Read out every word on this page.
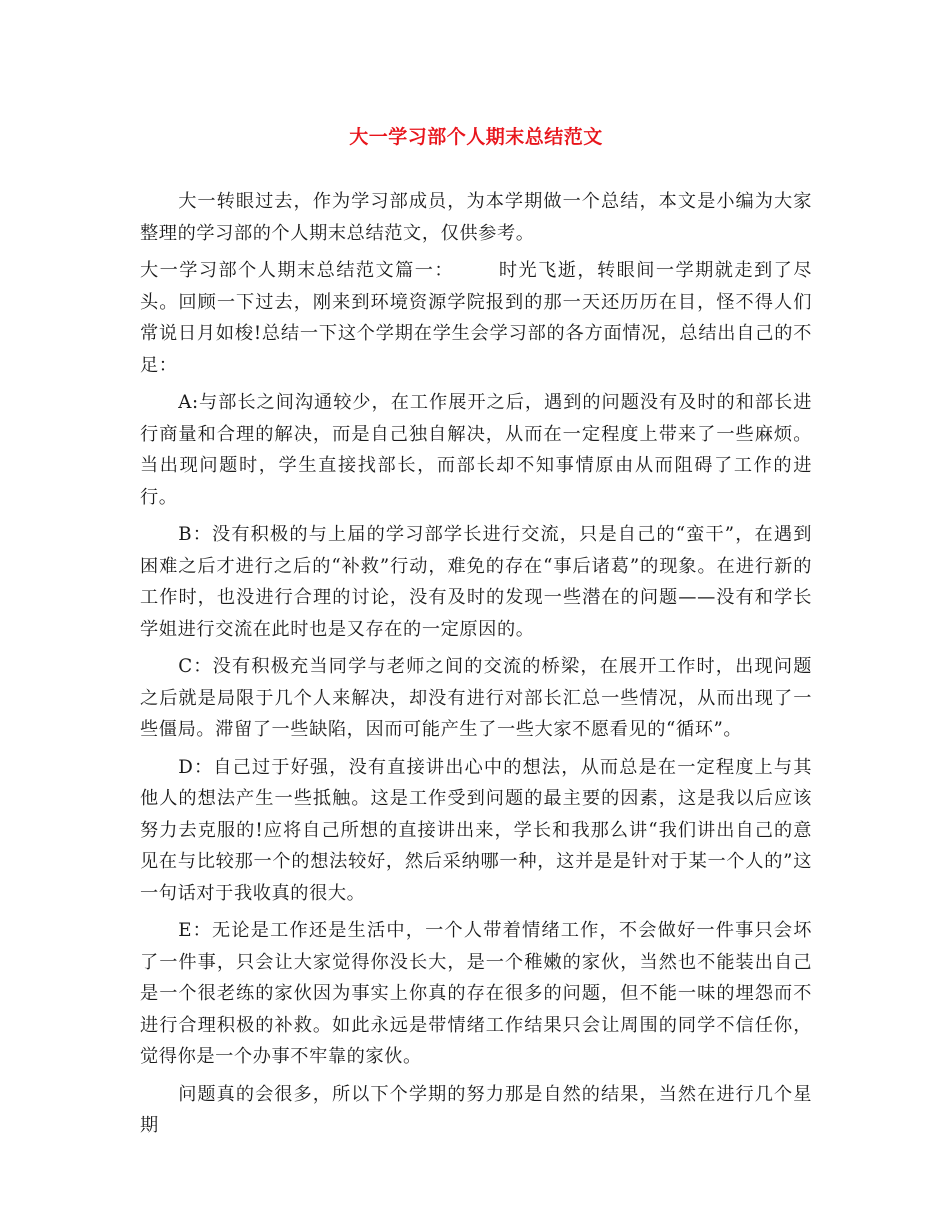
大一学习部个人期末总结范文

大一转眼过去，作为学习部成员，为本学期做一个总结，本文是小编为大家整理的学习部的个人期末总结范文，仅供参考。

大一学习部个人期末总结范文篇一： 时光飞逝，转眼间一学期就走到了尽头。回顾一下过去，刚来到环境资源学院报到的那一天还历历在目，怪不得人们常说日月如梭!总结一下这个学期在学生会学习部的各方面情况，总结出自己的不足：

A:与部长之间沟通较少，在工作展开之后，遇到的问题没有及时的和部长进行商量和合理的解决，而是自己独自解决，从而在一定程度上带来了一些麻烦。当出现问题时，学生直接找部长，而部长却不知事情原由从而阻碍了工作的进行。

B：没有积极的与上届的学习部学长进行交流，只是自己的“蛮干”，在遇到困难之后才进行之后的“补救”行动，难免的存在“事后诸葛”的现象。在进行新的工作时，也没进行合理的讨论，没有及时的发现一些潜在的问题——没有和学长学姐进行交流在此时也是又存在的一定原因的。

C：没有积极充当同学与老师之间的交流的桥梁，在展开工作时，出现问题之后就是局限于几个人来解决，却没有进行对部长汇总一些情况，从而出现了一些僵局。滞留了一些缺陷，因而可能产生了一些大家不愿看见的“循环”。

D：自己过于好强，没有直接讲出心中的想法，从而总是在一定程度上与其他人的想法产生一些抵触。这是工作受到问题的最主要的因素，这是我以后应该努力去克服的!应将自己所想的直接讲出来，学长和我那么讲“我们讲出自己的意见在与比较那一个的想法较好，然后采纳哪一种，这并是是针对于某一个人的”这一句话对于我收真的很大。

E：无论是工作还是生活中，一个人带着情绪工作，不会做好一件事只会坏了一件事，只会让大家觉得你没长大，是一个稚嫩的家伙，当然也不能装出自己是一个很老练的家伙因为事实上你真的存在很多的问题，但不能一味的埋怨而不进行合理积极的补救。如此永远是带情绪工作结果只会让周围的同学不信任你，觉得你是一个办事不牢靠的家伙。

问题真的会很多，所以下个学期的努力那是自然的结果，当然在进行几个星期
